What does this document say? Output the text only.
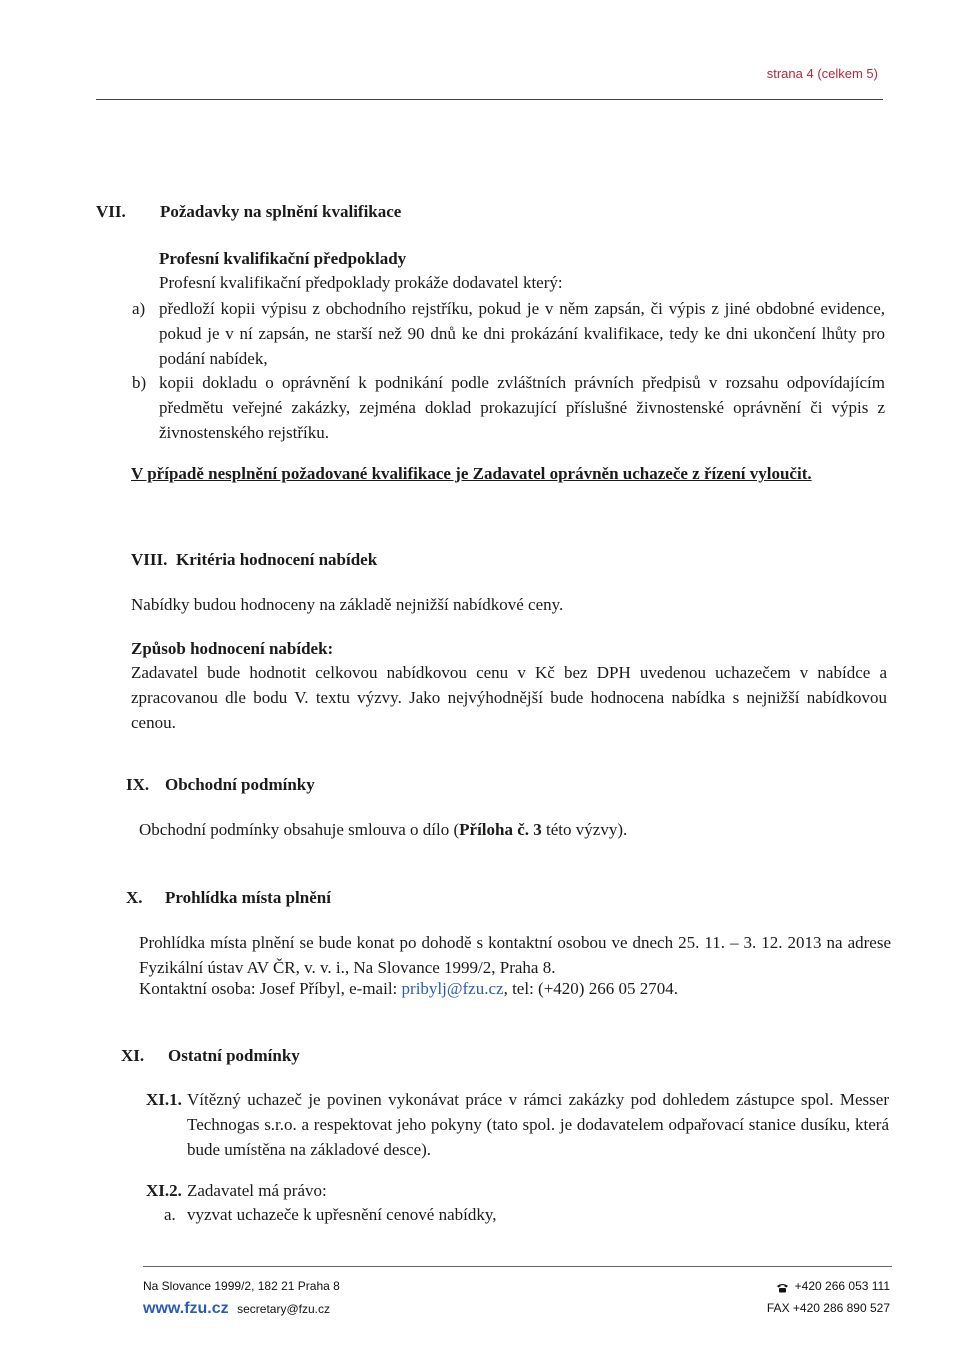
strana 4 (celkem 5)
VII. Požadavky na splnění kvalifikace
Profesní kvalifikační předpoklady
Profesní kvalifikační předpoklady prokáže dodavatel který:
a) předloží kopii výpisu z obchodního rejstříku, pokud je v něm zapsán, či výpis z jiné obdobné evidence, pokud je v ní zapsán, ne starší než 90 dnů ke dni prokázání kvalifikace, tedy ke dni ukončení lhůty pro podání nabídek,
b) kopii dokladu o oprávnění k podnikání podle zvláštních právních předpisů v rozsahu odpovídajícím předmětu veřejné zakázky, zejména doklad prokazující příslušné živnostenské oprávnění či výpis z živnostenského rejstříku.
V případě nesplnění požadované kvalifikace je Zadavatel oprávněn uchazeče z řízení vyloučit.
VIII. Kritéria hodnocení nabídek
Nabídky budou hodnoceny na základě nejnižší nabídkové ceny.
Způsob hodnocení nabídek:
Zadavatel bude hodnotit celkovou nabídkovou cenu v Kč bez DPH uvedenou uchazečem v nabídce a zpracovanou dle bodu V. textu výzvy. Jako nejvýhodnější bude hodnocena nabídka s nejnižší nabídkovou cenou.
IX. Obchodní podmínky
Obchodní podmínky obsahuje smlouva o dílo (Příloha č. 3 této výzvy).
X. Prohlídka místa plnění
Prohlídka místa plnění se bude konat po dohodě s kontaktní osobou ve dnech 25. 11. – 3. 12. 2013 na adrese Fyzikální ústav AV ČR, v. v. i., Na Slovance 1999/2, Praha 8.
Kontaktní osoba: Josef Příbyl, e-mail: pribylj@fzu.cz, tel: (+420) 266 05 2704.
XI. Ostatní podmínky
XI.1. Vítězný uchazeč je povinen vykonávat práce v rámci zakázky pod dohledem zástupce spol. Messer Technogas s.r.o. a respektovat jeho pokyny (tato spol. je dodavatelem odpařovací stanice dusíku, která bude umístěna na základové desce).
XI.2. Zadavatel má právo:
a. vyzvat uchazeče k upřesnění cenové nabídky,
Na Slovance 1999/2, 182 21 Praha 8
www.fzu.cz secretary@fzu.cz
+420 266 053 111
FAX +420 286 890 527
